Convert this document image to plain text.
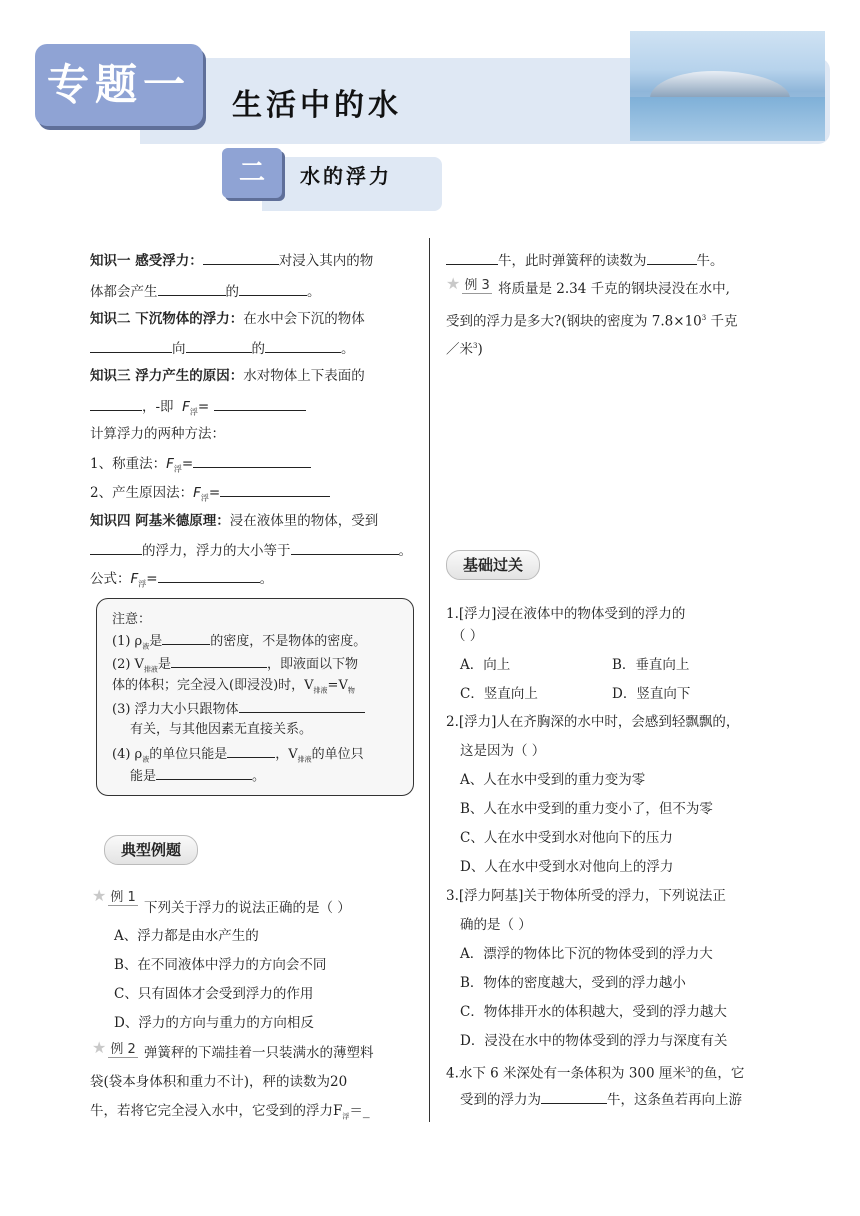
专题一	生活中的水
二	水的浮力
知识一 感受浮力：	对浸入其内的物
体都会产生	的	。
知识二 下沉物体的浮力：在水中会下沉的物体
向	的	。
知识三 浮力产生的原因：水对物体上下表面的
，-即 $F_浮=$
计算浮力的两种方法：
1、称重法：$F_浮=$
2、产生原因法：$F_浮=$
知识四 阿基米德原理：浸在液体里的物体，受到
的浮力，浮力的大小等于	。
公式：$F_浮=$	。
注意：
(1) $\rho_液$是	的密度，不是物体的密度。
(2) $V_{排液}$是	，即液面以下物
体的体积；完全浸入(即浸没)时，$V_{排液}=V_物$
(3) 浮力大小只跟物体
有关，与其他因素无直接关系。
(4) $\rho_液$的单位只能是	，$V_{排液}$的单位只
能是	。
典型例题
★ 例 1
下列关于浮力的说法正确的是（ ）
A、浮力都是由水产生的
B、在不同液体中浮力的方向会不同
C、只有固体才会受到浮力的作用
D、浮力的方向与重力的方向相反
★ 例 2 弹簧秤的下端挂着一只装满水的薄塑料
袋(袋本身体积和重力不计)，秤的读数为20
牛，若将它完全浸入水中，它受到的浮力$F_浮=\_$
牛，此时弹簧秤的读数为	牛。
★ 例 3 将质量是 2.34 千克的钢块浸没在水中,
受到的浮力是多大?(钢块的密度为 $7.8\times 10^3$ 千克
／米$^3$)
基础过关
1.[浮力]浸在液体中的物体受到的浮力的
（ ）
A．向上	B．垂直向上
C．竖直向上	D．竖直向下
2.[浮力]人在齐胸深的水中时，会感到轻飘飘的，
这是因为（ ）
A、人在水中受到的重力变为零
B、人在水中受到的重力变小了，但不为零
C、人在水中受到水对他向下的压力
D、人在水中受到水对他向上的浮力
3.[浮力阿基]关于物体所受的浮力，下列说法正
确的是（ ）
A．漂浮的物体比下沉的物体受到的浮力大
B．物体的密度越大，受到的浮力越小
C．物体排开水的体积越大，受到的浮力越大
D．浸没在水中的物体受到的浮力与深度有关
4.水下 6 米深处有一条体积为 300 厘米$^3$的鱼，它
受到的浮力为	牛，这条鱼若再向上游
